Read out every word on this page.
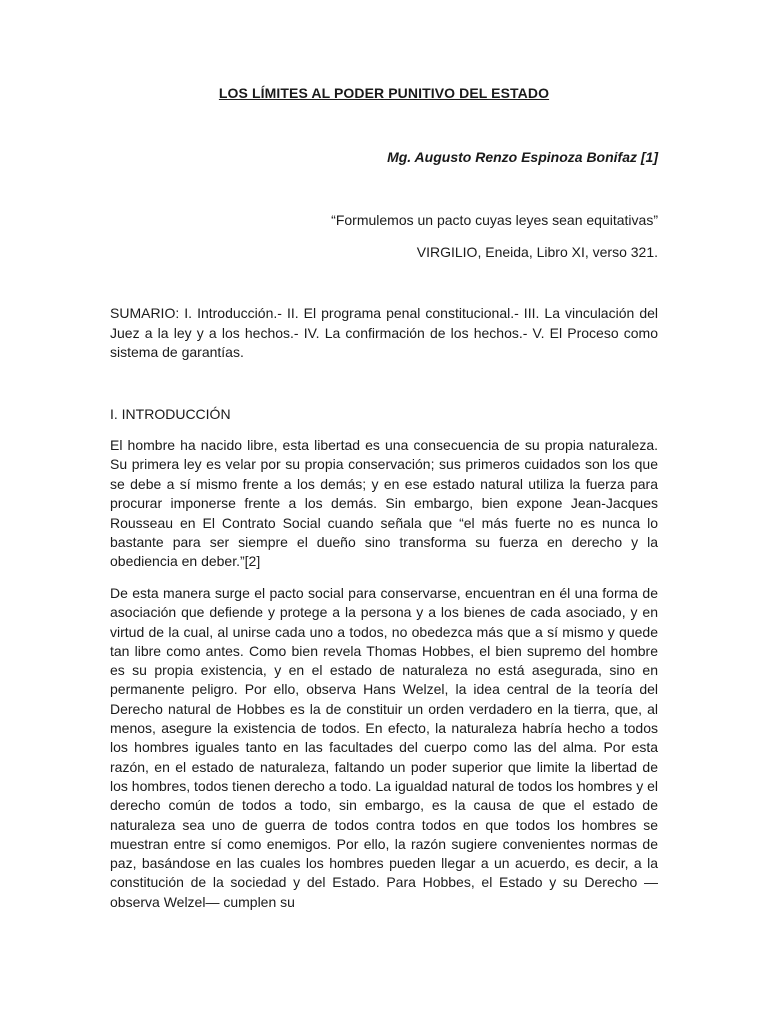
LOS LÍMITES AL PODER PUNITIVO DEL ESTADO
Mg. Augusto Renzo Espinoza Bonifaz [1]
“Formulemos un pacto cuyas leyes sean equitativas”
VIRGILIO, Eneida, Libro XI, verso 321.

SUMARIO: I. Introducción.- II. El programa penal constitucional.- III. La vinculación del Juez a la ley y a los hechos.- IV. La confirmación de los hechos.- V. El Proceso como sistema de garantías.

I. INTRODUCCIÓN

El hombre ha nacido libre, esta libertad es una consecuencia de su propia naturaleza. Su primera ley es velar por su propia conservación; sus primeros cuidados son los que se debe a sí mismo frente a los demás; y en ese estado natural utiliza la fuerza para procurar imponerse frente a los demás. Sin embargo, bien expone Jean-Jacques Rousseau en El Contrato Social cuando señala que “el más fuerte no es nunca lo bastante para ser siempre el dueño sino transforma su fuerza en derecho y la obediencia en deber.”[2]

De esta manera surge el pacto social para conservarse, encuentran en él una forma de asociación que defiende y protege a la persona y a los bienes de cada asociado, y en virtud de la cual, al unirse cada uno a todos, no obedezca más que a sí mismo y quede tan libre como antes. Como bien revela Thomas Hobbes, el bien supremo del hombre es su propia existencia, y en el estado de naturaleza no está asegurada, sino en permanente peligro. Por ello, observa Hans Welzel, la idea central de la teoría del Derecho natural de Hobbes es la de constituir un orden verdadero en la tierra, que, al menos, asegure la existencia de todos. En efecto, la naturaleza habría hecho a todos los hombres iguales tanto en las facultades del cuerpo como las del alma. Por esta razón, en el estado de naturaleza, faltando un poder superior que limite la libertad de los hombres, todos tienen derecho a todo. La igualdad natural de todos los hombres y el derecho común de todos a todo, sin embargo, es la causa de que el estado de naturaleza sea uno de guerra de todos contra todos en que todos los hombres se muestran entre sí como enemigos. Por ello, la razón sugiere convenientes normas de paz, basándose en las cuales los hombres pueden llegar a un acuerdo, es decir, a la constitución de la sociedad y del Estado. Para Hobbes, el Estado y su Derecho —observa Welzel— cumplen su
